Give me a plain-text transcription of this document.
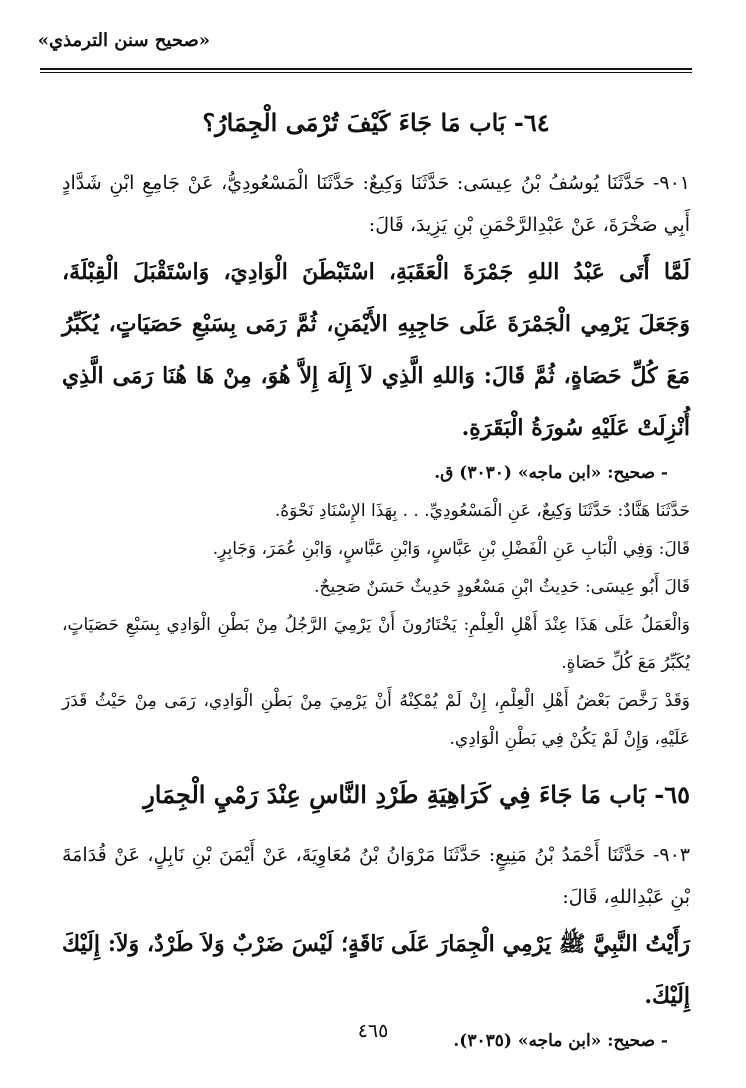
«صحيح سنن الترمذي»
٦٤- بَاب مَا جَاءَ كَيْفَ تُرْمَى الْجِمَارُ؟

٩٠١- حَدَّثَنَا يُوسُفُ بْنُ عِيسَى: حَدَّثَنَا وَكِيعٌ: حَدَّثَنَا الْمَسْعُودِيُّ، عَنْ جَامِعِ ابْنِ شَدَّادٍ أَبِي صَخْرَةَ، عَنْ عَبْدِالرَّحْمَنِ بْنِ يَزِيدَ، قَالَ:

لَمَّا أَتَى عَبْدُ اللهِ جَمْرَةَ الْعَقَبَةِ، اسْتَبْطَنَ الْوَادِيَ، وَاسْتَقْبَلَ الْقِبْلَةَ، وَجَعَلَ يَرْمِي الْجَمْرَةَ عَلَى حَاجِبِهِ الأَيْمَنِ، ثُمَّ رَمَى بِسَبْعِ حَصَيَاتٍ، يُكَبِّرُ مَعَ كُلِّ حَصَاةٍ، ثُمَّ قَالَ: وَاللهِ الَّذِي لاَ إِلَهَ إِلاَّ هُوَ، مِنْ هَا هُنَا رَمَى الَّذِي أُنْزِلَتْ عَلَيْهِ سُورَةُ الْبَقَرَةِ.

- صحيح: «ابن ماجه» (٣٠٣٠) ق.

حَدَّثَنَا هَنَّادٌ: حَدَّثَنَا وَكِيعٌ، عَنِ الْمَسْعُودِيِّ. . . بِهَذَا الإِسْنَادِ نَحْوَهُ.

قَالَ: وَفِي الْبَابِ عَنِ الْفَضْلِ بْنِ عَبَّاسٍ، وَابْنِ عَبَّاسٍ، وَابْنِ عُمَرَ، وَجَابِرٍ.

قَالَ أَبُو عِيسَى: حَدِيثُ ابْنِ مَسْعُودٍ حَدِيثٌ حَسَنٌ صَحِيحٌ.

وَالْعَمَلُ عَلَى هَذَا عِنْدَ أَهْلِ الْعِلْمِ: يَخْتَارُونَ أَنْ يَرْمِيَ الرَّجُلُ مِنْ بَطْنِ الْوَادِي بِسَبْعِ حَصَيَاتٍ، يُكَبِّرُ مَعَ كُلِّ حَصَاةٍ.

وَقَدْ رَخَّصَ بَعْضُ أَهْلِ الْعِلْمِ، إِنْ لَمْ يُمْكِنْهُ أَنْ يَرْمِيَ مِنْ بَطْنِ الْوَادِي، رَمَى مِنْ حَيْثُ قَدَرَ عَلَيْهِ، وَإِنْ لَمْ يَكُنْ فِي بَطْنِ الْوَادِي.

٦٥- بَاب مَا جَاءَ فِي كَرَاهِيَةِ طَرْدِ النَّاسِ عِنْدَ رَمْيِ الْجِمَارِ

٩٠٣- حَدَّثَنَا أَحْمَدُ بْنُ مَنِيعٍ: حَدَّثَنَا مَرْوَانُ بْنُ مُعَاوِيَةَ، عَنْ أَيْمَنَ بْنِ نَابِلٍ، عَنْ قُدَامَةَ بْنِ عَبْدِاللهِ، قَالَ:

رَأَيْتُ النَّبِيَّ ﷺ يَرْمِي الْجِمَارَ عَلَى نَاقَةٍ؛ لَيْسَ ضَرْبٌ وَلاَ طَرْدٌ، وَلاَ: إِلَيْكَ إِلَيْكَ.

- صحيح: «ابن ماجه» (٣٠٣٥).

٤٦٥
